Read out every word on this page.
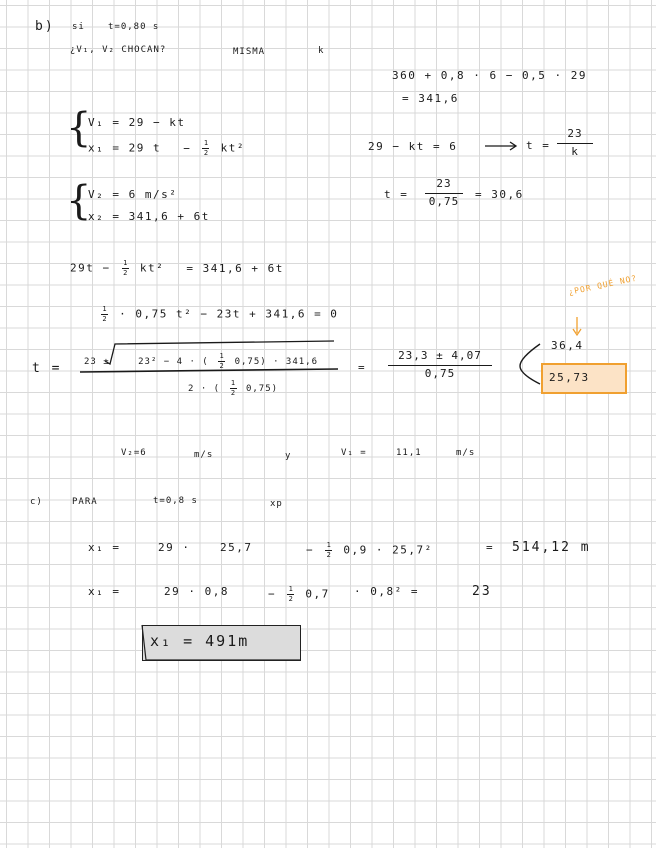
b) si	t=0,80 s
¿V₁, V₂ CHOCAN?	MISMA	k
360 + 0,8 · 6 − 0,5 · 29
= 341,6
{
V₁ = 29 − kt
x₁ = 29 $t - \frac{1}{2} kt^2$	29 − kt = 6	t =
23
k
{
V₂ = 6 m/s²
x₂ = 341,6 + 6t
t =
23
0,75
= 30,6
$29t - \frac{1}{2} kt^2 = 341,6 + 6t$
$\frac{1}{2} \cdot 0,75$ t² − 23t + 341,6 = 0
t =	23 ±	23² − 4 · ( $\frac{1}{2} 0,75) \cdot 341,6$
2 · ( $\frac{1}{2} 0,75$)
=
23,3 ± 4,07
0,75
36,4
25,73
¿POR QUÉ NO?
V₂=6	m/s	y	V₁ =	11,1	m/s
c)	PARA	t=0,8 s	xp
x₁ =	29 ·	25,7	− $\frac{1}{2} 0,9 \cdot 25,7^2$	= 514,12 m
x₁ =	29 · 0,8	− $\frac{1}{2} 0,7 \cdot 0,8^2$ =	23
x₁ = 491m
